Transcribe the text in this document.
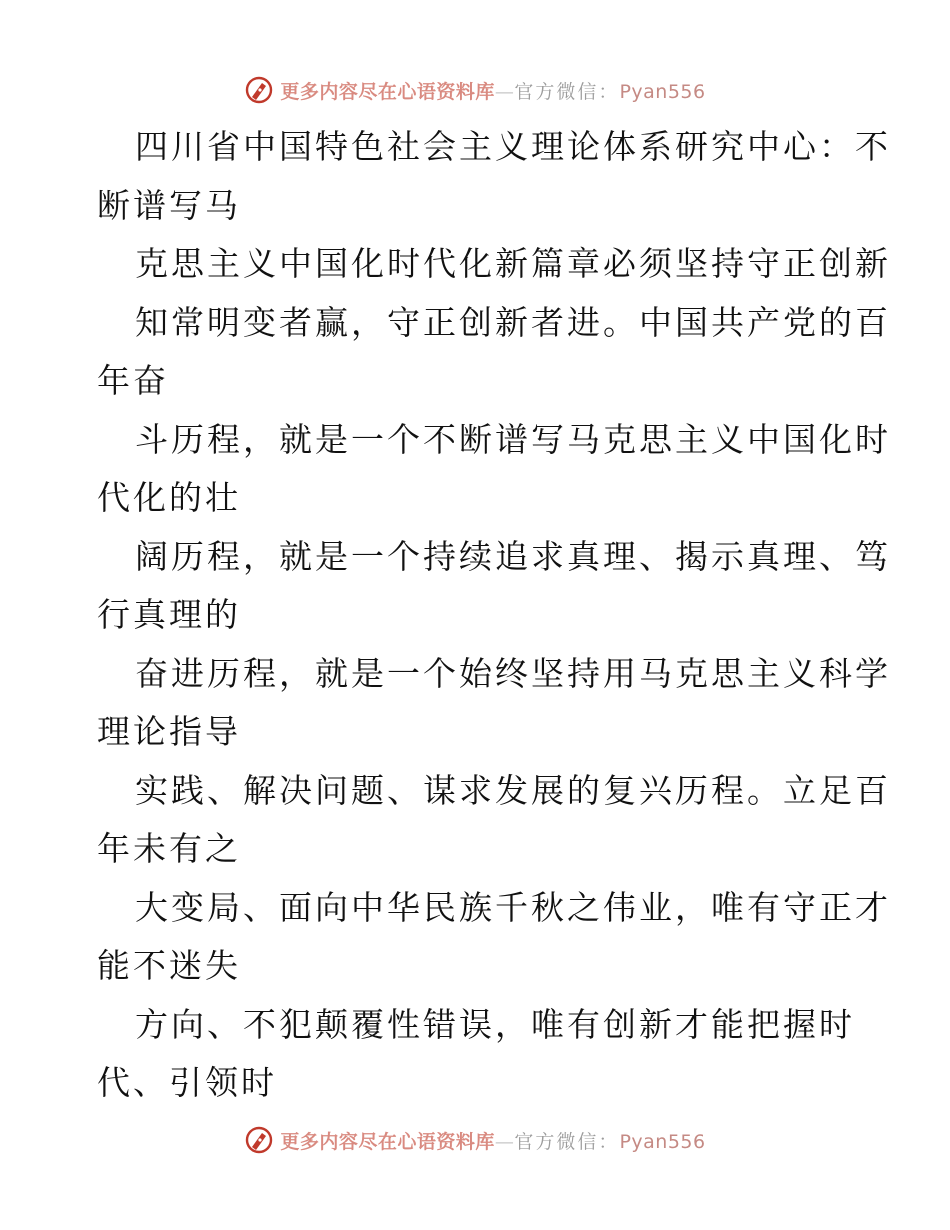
更多内容尽在心语资料库—官方微信：Pyan556
四川省中国特色社会主义理论体系研究中心：不
断谱写马
克思主义中国化时代化新篇章必须坚持守正创新
知常明变者赢，守正创新者进。中国共产党的百
年奋
斗历程，就是一个不断谱写马克思主义中国化时
代化的壮
阔历程，就是一个持续追求真理、揭示真理、笃
行真理的
奋进历程，就是一个始终坚持用马克思主义科学
理论指导
实践、解决问题、谋求发展的复兴历程。立足百
年未有之
大变局、面向中华民族千秋之伟业，唯有守正才
能不迷失
方向、不犯颠覆性错误，唯有创新才能把握时
代、引领时
更多内容尽在心语资料库—官方微信：Pyan556
